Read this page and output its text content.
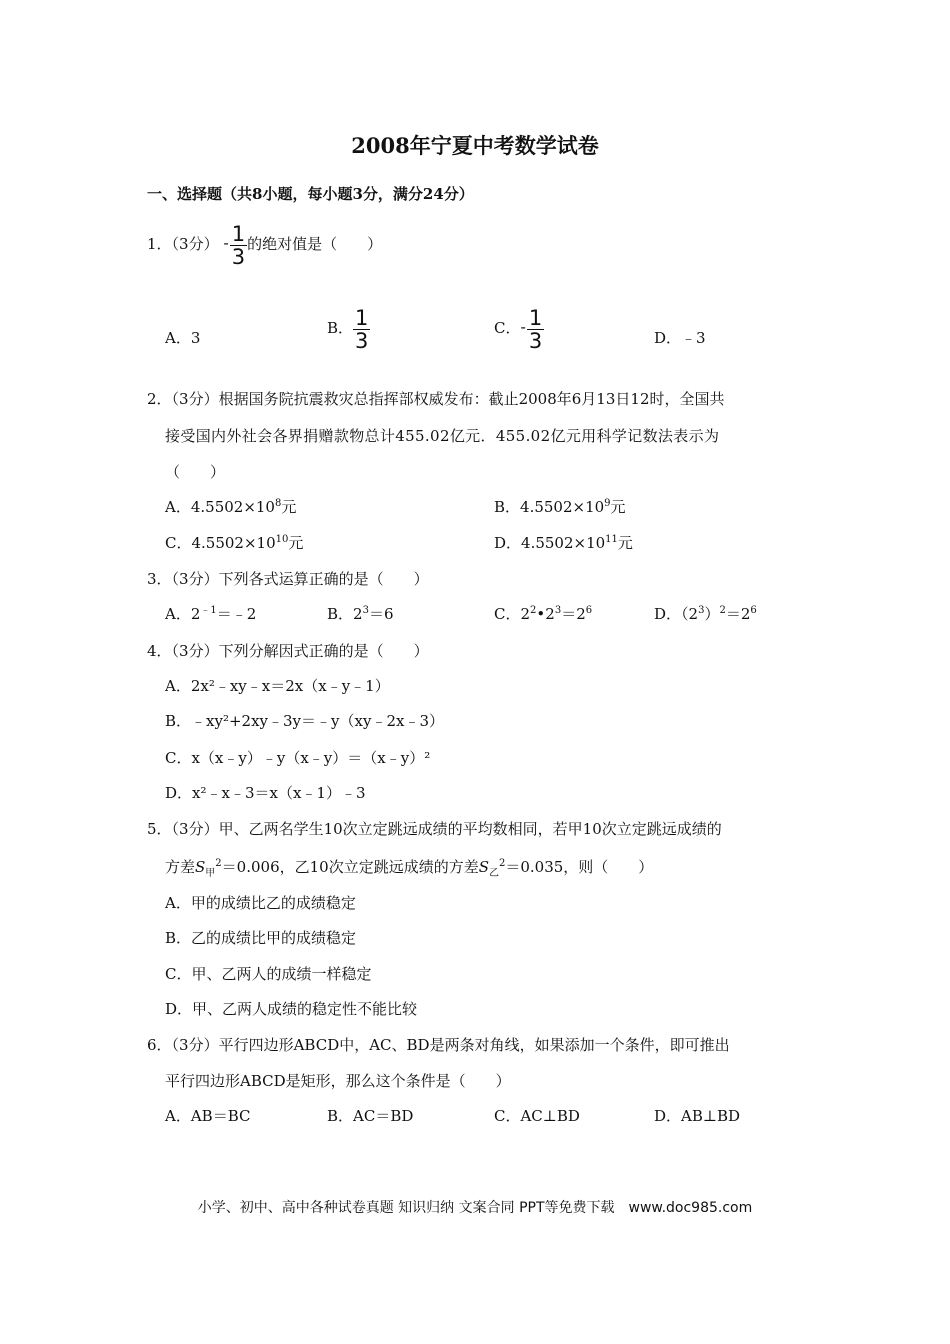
2008年宁夏中考数学试卷
一、选择题（共8小题，每小题3分，满分24分）
1．（3分） - $\frac{1}{3}$ 的绝对值是（　　）
A．3
B． $\frac{1}{3}$	C．- $\frac{1}{3}$	D．﹣3
2．（3分）根据国务院抗震救灾总指挥部权威发布：截止2008年6月13日12时，全国共
接受国内外社会各界捐赠款物总计455.02亿元．455.02亿元用科学记数法表示为
（　　）
A．$4.5502\times 10^8$元	B．$4.5502\times 10^9$元
C．$4.5502\times 10^{10}$元	D．$4.5502\times 10^{11}$元
3．（3分）下列各式运算正确的是（　　）
A．$2^{﹣1}=﹣2$	B．$2^3=6$	C．$2^2•2^3=2^6$	D．$(2^3)^2=2^6$
4．（3分）下列分解因式正确的是（　　）
A．2x²﹣xy﹣x＝2x（x﹣y﹣1）
B．﹣xy²+2xy﹣3y＝﹣y（xy﹣2x﹣3）
C．x（x﹣y）﹣y（x﹣y）＝（x﹣y）²
D．x²﹣x﹣3＝x（x﹣1）﹣3
5．（3分）甲、乙两名学生10次立定跳远成绩的平均数相同，若甲10次立定跳远成绩的
方差$S_甲^2=0.006$，乙10次立定跳远成绩的方差$S_乙^2=0.035$，则（　　）
A．甲的成绩比乙的成绩稳定
B．乙的成绩比甲的成绩稳定
C．甲、乙两人的成绩一样稳定
D．甲、乙两人成绩的稳定性不能比较
6．（3分）平行四边形ABCD中，AC、BD是两条对角线，如果添加一个条件，即可推出
平行四边形ABCD是矩形，那么这个条件是（　　）
A．AB＝BC	B．AC＝BD	C．AC⊥BD	D．AB⊥BD
小学、初中、高中各种试卷真题 知识归纳 文案合同 PPT等免费下载　www.doc985.com
